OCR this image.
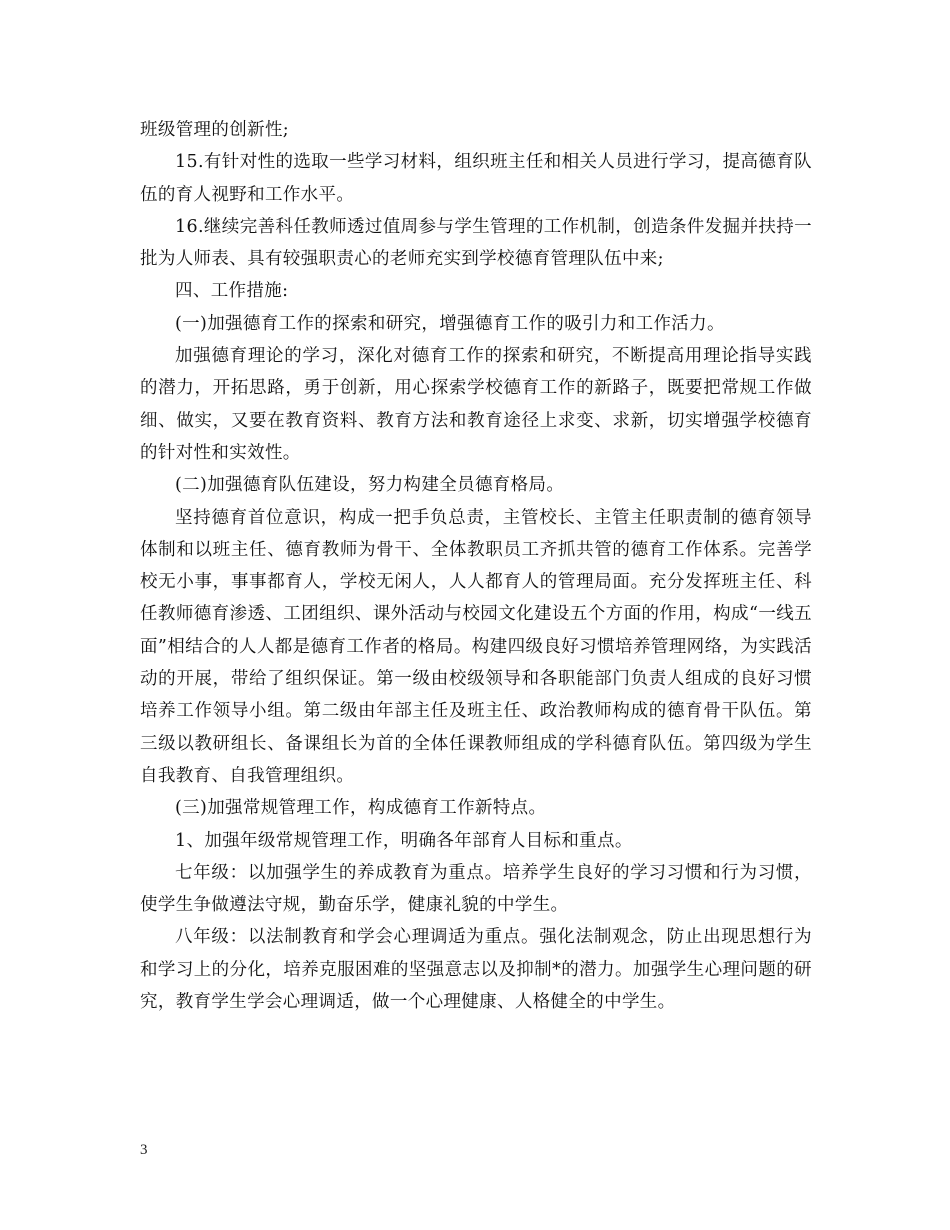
班级管理的创新性;

15.有针对性的选取一些学习材料，组织班主任和相关人员进行学习，提高德育队伍的育人视野和工作水平。

16.继续完善科任教师透过值周参与学生管理的工作机制，创造条件发掘并扶持一批为人师表、具有较强职责心的老师充实到学校德育管理队伍中来;

四、工作措施:

(一)加强德育工作的探索和研究，增强德育工作的吸引力和工作活力。

加强德育理论的学习，深化对德育工作的探索和研究，不断提高用理论指导实践的潜力，开拓思路，勇于创新，用心探索学校德育工作的新路子，既要把常规工作做细、做实，又要在教育资料、教育方法和教育途径上求变、求新，切实增强学校德育的针对性和实效性。

(二)加强德育队伍建设，努力构建全员德育格局。

坚持德育首位意识，构成一把手负总责，主管校长、主管主任职责制的德育领导体制和以班主任、德育教师为骨干、全体教职员工齐抓共管的德育工作体系。完善学校无小事，事事都育人，学校无闲人，人人都育人的管理局面。充分发挥班主任、科任教师德育渗透、工团组织、课外活动与校园文化建设五个方面的作用，构成“一线五面”相结合的人人都是德育工作者的格局。构建四级良好习惯培养管理网络，为实践活动的开展，带给了组织保证。第一级由校级领导和各职能部门负责人组成的良好习惯培养工作领导小组。第二级由年部主任及班主任、政治教师构成的德育骨干队伍。第三级以教研组长、备课组长为首的全体任课教师组成的学科德育队伍。第四级为学生自我教育、自我管理组织。

(三)加强常规管理工作，构成德育工作新特点。

1、加强年级常规管理工作，明确各年部育人目标和重点。

七年级：以加强学生的养成教育为重点。培养学生良好的学习习惯和行为习惯，使学生争做遵法守规，勤奋乐学，健康礼貌的中学生。

八年级：以法制教育和学会心理调适为重点。强化法制观念，防止出现思想行为和学习上的分化，培养克服困难的坚强意志以及抑制*的潜力。加强学生心理问题的研究，教育学生学会心理调适，做一个心理健康、人格健全的中学生。

3
